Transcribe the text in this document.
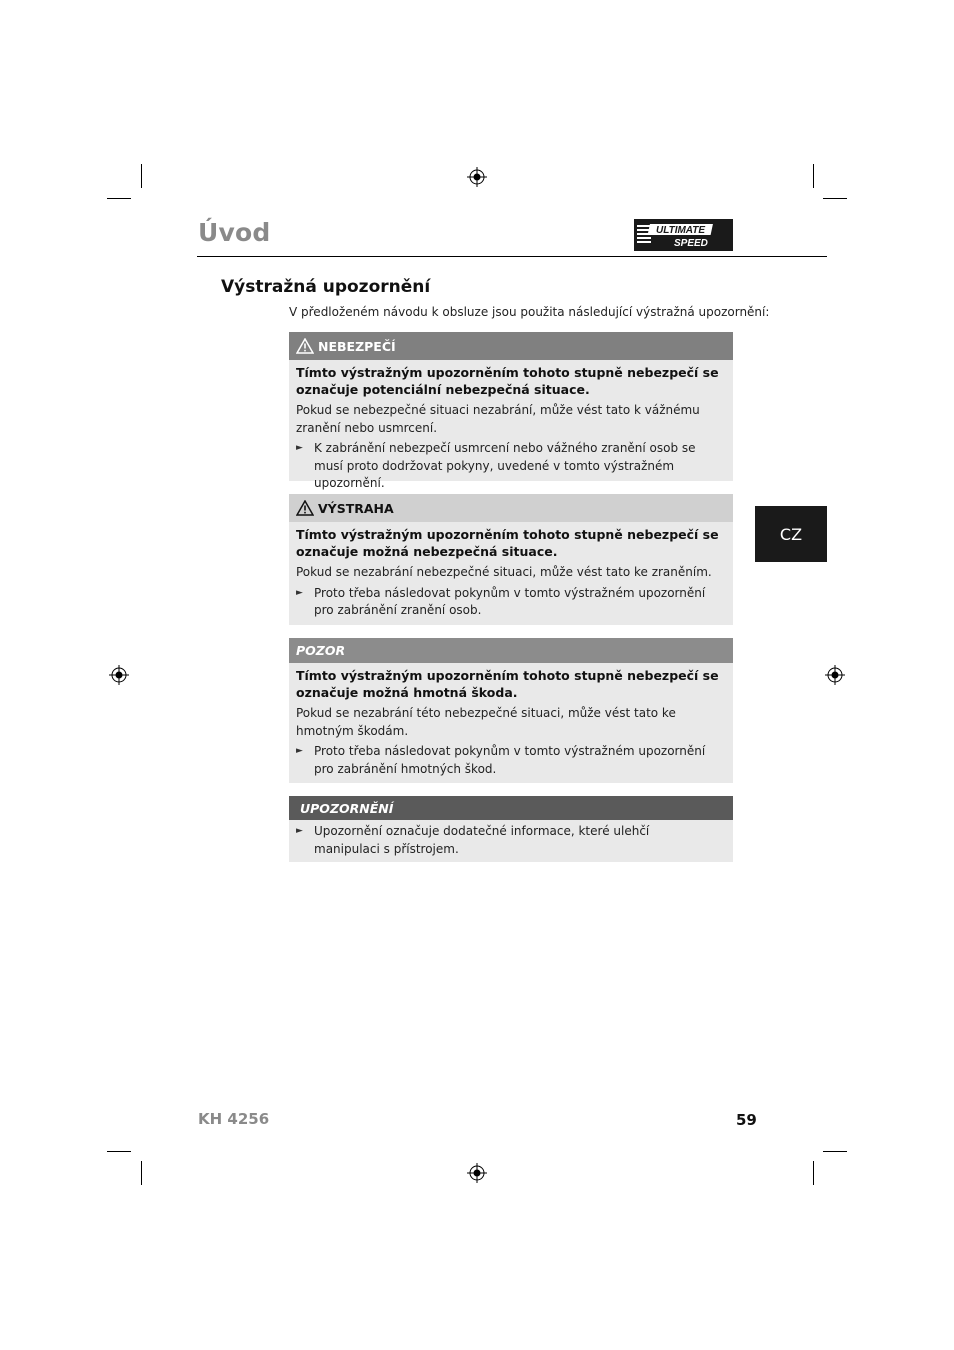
Úvod	ULTIMATE
SPEED
Výstražná upozornění

V předloženém návodu k obsluze jsou použita následující výstražná upozornění:

NEBEZPEČÍ

Tímto výstražným upozorněním tohoto stupně nebezpečí se označuje potenciální nebezpečná situace.

Pokud se nebezpečné situaci nezabrání, může vést tato k vážnému zranění nebo usmrcení.

► K zabránění nebezpečí usmrcení nebo vážného zranění osob se musí proto dodržovat pokyny, uvedené v tomto výstražném upozornění.
VÝSTRAHA

Tímto výstražným upozorněním tohoto stupně nebezpečí se označuje možná nebezpečná situace.

Pokud se nezabrání nebezpečné situaci, může vést tato ke zraněním.

► Proto třeba následovat pokynům v tomto výstražném upozornění pro zabránění zranění osob.
POZOR

Tímto výstražným upozorněním tohoto stupně nebezpečí se označuje možná hmotná škoda.

Pokud se nezabrání této nebezpečné situaci, může vést tato ke hmotným škodám.

► Proto třeba následovat pokynům v tomto výstražném upozornění pro zabránění hmotných škod.
UPOZORNĚNÍ
► Upozornění označuje dodatečné informace, které ulehčí manipulaci s přístrojem.
CZ

KH 4256	59
